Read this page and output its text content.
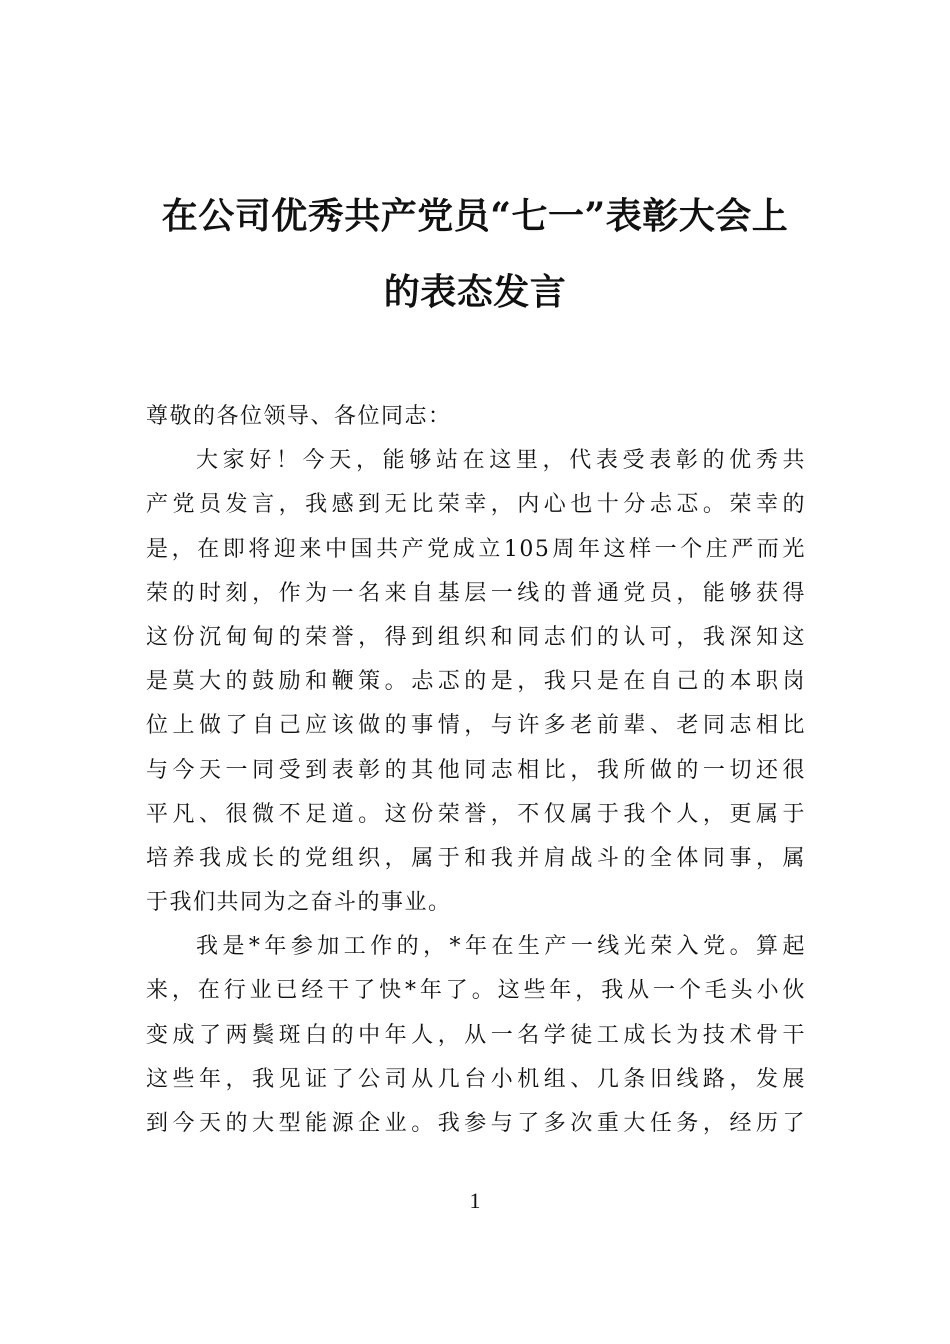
在公司优秀共产党员“七一”表彰大会上
的表态发言
尊敬的各位领导、各位同志：
大家好！今天，能够站在这里，代表受表彰的优秀共
产党员发言，我感到无比荣幸，内心也十分忐忑。荣幸的
是，在即将迎来中国共产党成立105周年这样一个庄严而光
荣的时刻，作为一名来自基层一线的普通党员，能够获得
这份沉甸甸的荣誉，得到组织和同志们的认可，我深知这
是莫大的鼓励和鞭策。忐忑的是，我只是在自己的本职岗
位上做了自己应该做的事情，与许多老前辈、老同志相比
与今天一同受到表彰的其他同志相比，我所做的一切还很
平凡、很微不足道。这份荣誉，不仅属于我个人，更属于
培养我成长的党组织，属于和我并肩战斗的全体同事，属
于我们共同为之奋斗的事业。
我是*年参加工作的，*年在生产一线光荣入党。算起
来，在行业已经干了快*年了。这些年，我从一个毛头小伙
变成了两鬓斑白的中年人，从一名学徒工成长为技术骨干
这些年，我见证了公司从几台小机组、几条旧线路，发展
到今天的大型能源企业。我参与了多次重大任务，经历了
1
